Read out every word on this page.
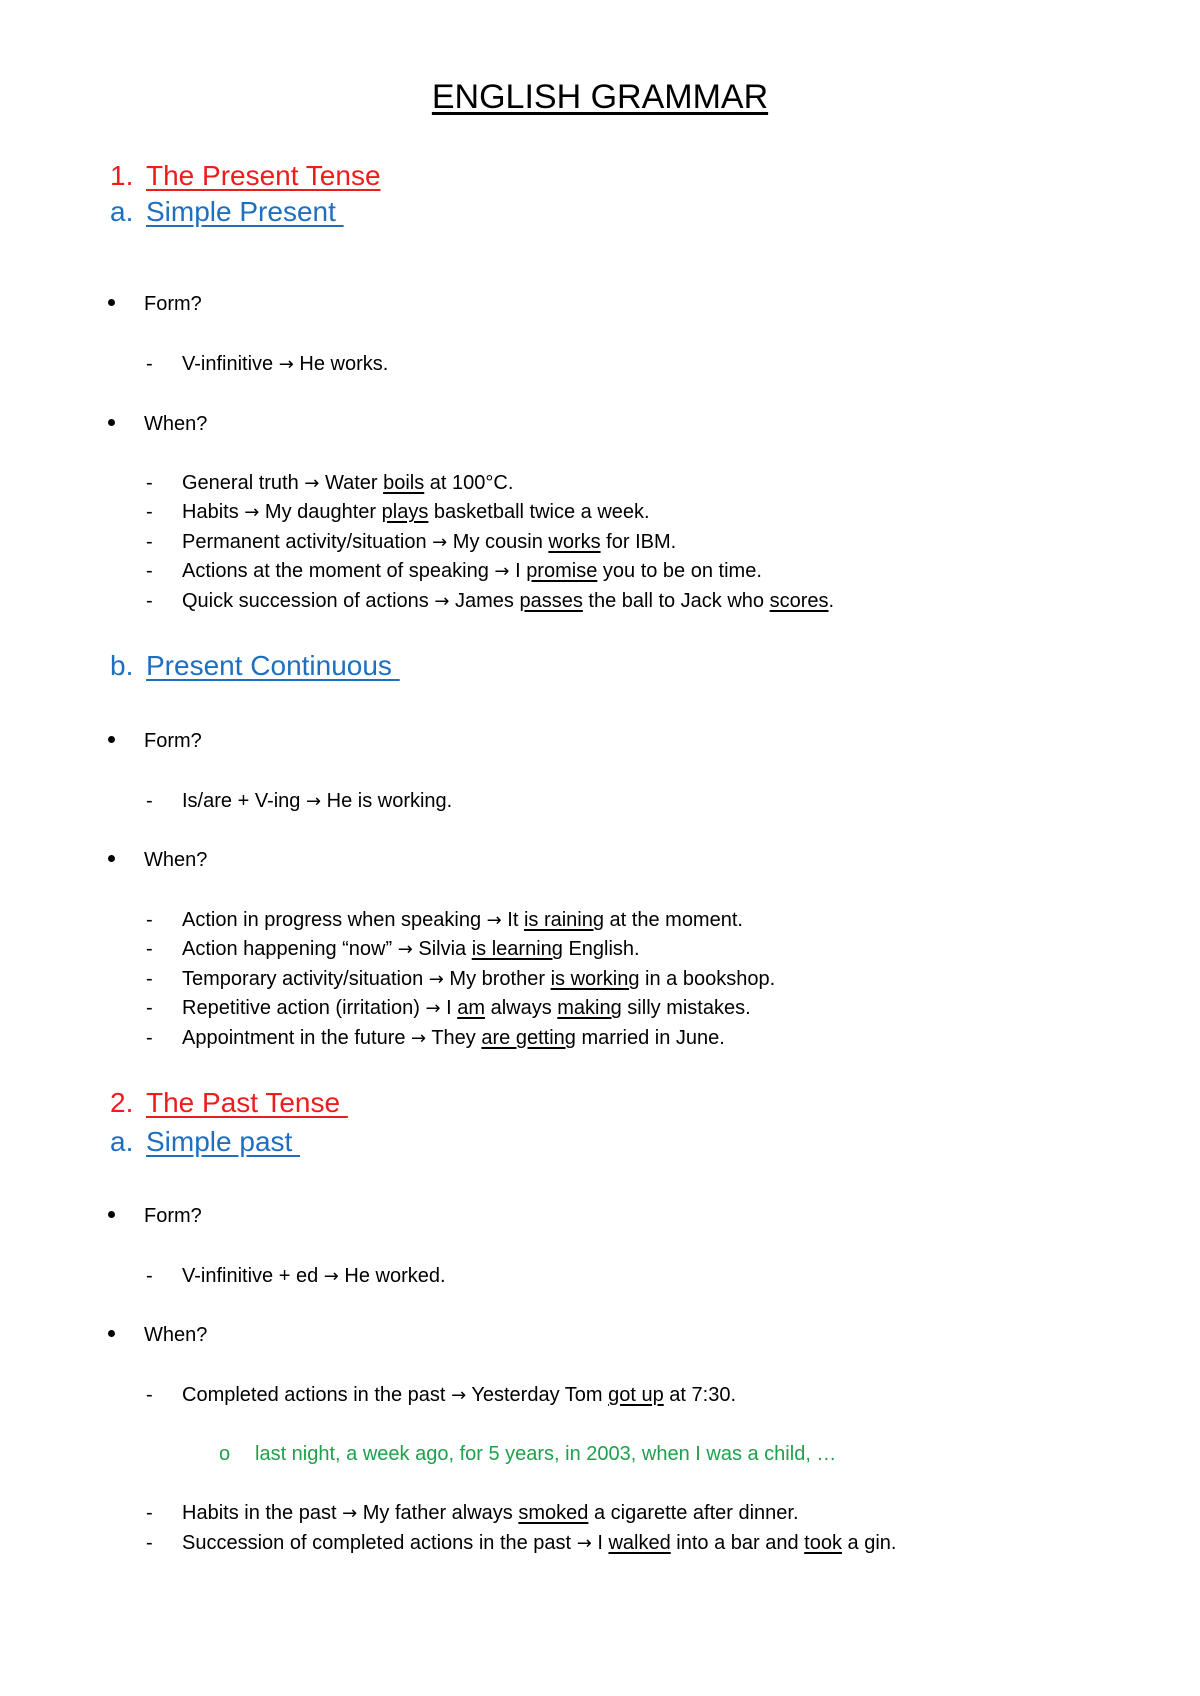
ENGLISH GRAMMAR
1. The Present Tense
a. Simple Present
Form?
- V-infinitive → He works.
When?
- General truth → Water boils at 100°C.
- Habits → My daughter plays basketball twice a week.
- Permanent activity/situation → My cousin works for IBM.
- Actions at the moment of speaking → I promise you to be on time.
- Quick succession of actions → James passes the ball to Jack who scores.
b. Present Continuous
Form?
- Is/are + V-ing → He is working.
When?
- Action in progress when speaking → It is raining at the moment.
- Action happening “now” → Silvia is learning English.
- Temporary activity/situation → My brother is working in a bookshop.
- Repetitive action (irritation) → I am always making silly mistakes.
- Appointment in the future → They are getting married in June.
2. The Past Tense
a. Simple past
Form?
- V-infinitive + ed → He worked.
When?
- Completed actions in the past → Yesterday Tom got up at 7:30.
o last night, a week ago, for 5 years, in 2003, when I was a child, …
- Habits in the past → My father always smoked a cigarette after dinner.
- Succession of completed actions in the past → I walked into a bar and took a gin.
